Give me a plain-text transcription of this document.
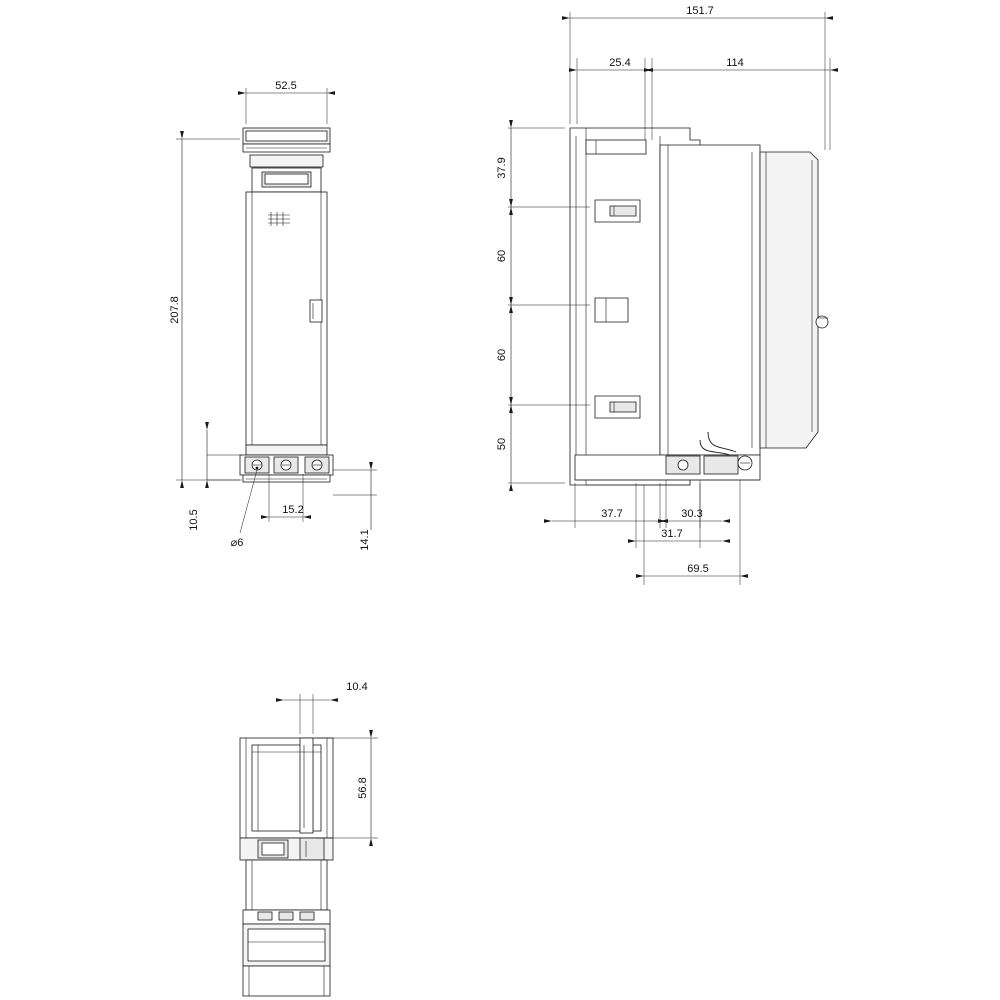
52.5
207.8
10.5	15.2
14.1
⌀6
151.7
25.4	114
37.9
60
60
50
37.7	30.3
31.7
69.5
10.4
56.8
